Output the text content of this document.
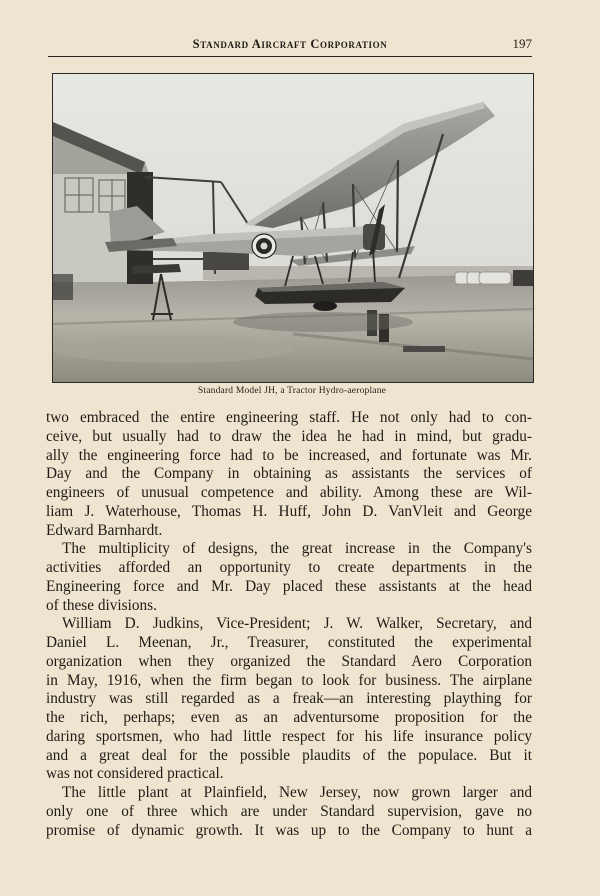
Standard Aircraft Corporation	197
Standard Model JH, a Tractor Hydro-aeroplane
two embraced the entire engineering staff. He not only had to con-
ceive, but usually had to draw the idea he had in mind, but gradu-
ally the engineering force had to be increased, and fortunate was Mr.
Day and the Company in obtaining as assistants the services of
engineers of unusual competence and ability. Among these are Wil-
liam J. Waterhouse, Thomas H. Huff, John D. VanVleit and George
Edward Barnhardt.
The multiplicity of designs, the great increase in the Company's
activities afforded an opportunity to create departments in the
Engineering force and Mr. Day placed these assistants at the head
of these divisions.
William D. Judkins, Vice-President; J. W. Walker, Secretary, and
Daniel L. Meenan, Jr., Treasurer, constituted the experimental
organization when they organized the Standard Aero Corporation
in May, 1916, when the firm began to look for business. The airplane
industry was still regarded as a freak—an interesting plaything for
the rich, perhaps; even as an adventursome proposition for the
daring sportsmen, who had little respect for his life insurance policy
and a great deal for the possible plaudits of the populace. But it
was not considered practical.
The little plant at Plainfield, New Jersey, now grown larger and
only one of three which are under Standard supervision, gave no
promise of dynamic growth. It was up to the Company to hunt a
